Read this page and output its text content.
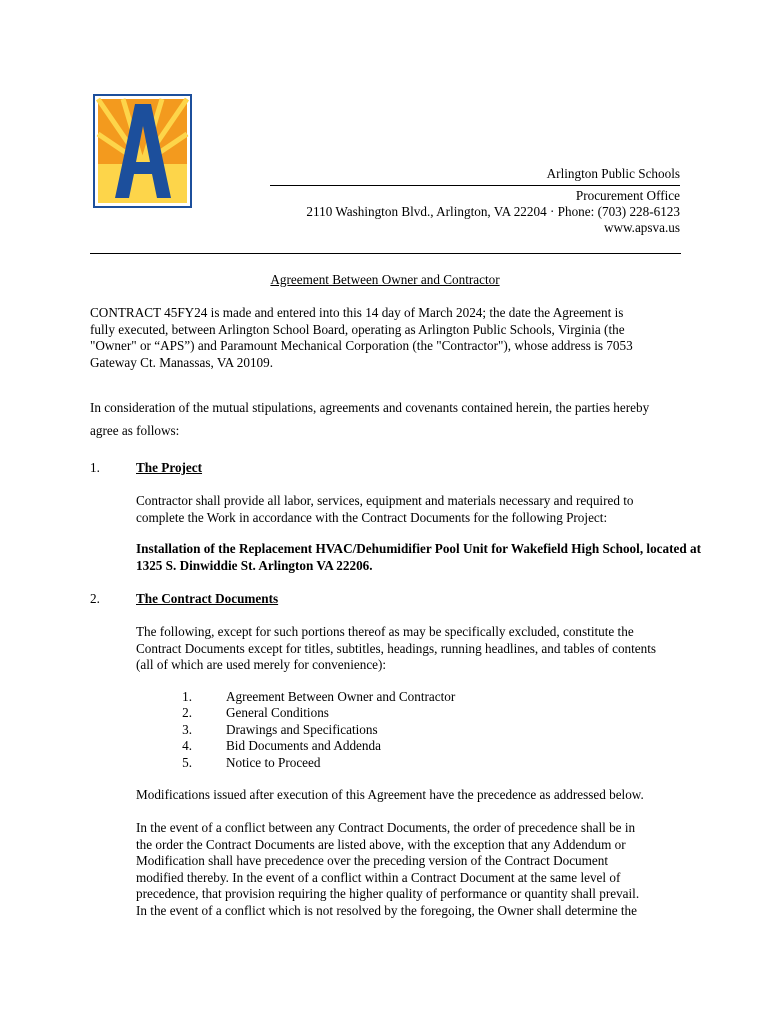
Arlington Public Schools
Procurement Office
2110 Washington Blvd., Arlington, VA 22204 · Phone: (703) 228-6123
www.apsva.us
Agreement Between Owner and Contractor
CONTRACT 45FY24 is made and entered into this 14 day of March 2024; the date the Agreement is
fully executed, between Arlington School Board, operating as Arlington Public Schools, Virginia (the
"Owner" or “APS”) and Paramount Mechanical Corporation (the "Contractor"), whose address is 7053
Gateway Ct. Manassas, VA 20109.
In consideration of the mutual stipulations, agreements and covenants contained herein, the parties hereby
agree as follows:
1.	The Project
Contractor shall provide all labor, services, equipment and materials necessary and required to
complete the Work in accordance with the Contract Documents for the following Project:
Installation of the Replacement HVAC/Dehumidifier Pool Unit for Wakefield High School, located at
1325 S. Dinwiddie St. Arlington VA 22206.
2.	The Contract Documents
The following, except for such portions thereof as may be specifically excluded, constitute the
Contract Documents except for titles, subtitles, headings, running headlines, and tables of contents
(all of which are used merely for convenience):
1.	Agreement Between Owner and Contractor
2.	General Conditions
3.	Drawings and Specifications
4.	Bid Documents and Addenda
5.	Notice to Proceed
Modifications issued after execution of this Agreement have the precedence as addressed below.
In the event of a conflict between any Contract Documents, the order of precedence shall be in
the order the Contract Documents are listed above, with the exception that any Addendum or
Modification shall have precedence over the preceding version of the Contract Document
modified thereby. In the event of a conflict within a Contract Document at the same level of
precedence, that provision requiring the higher quality of performance or quantity shall prevail.
In the event of a conflict which is not resolved by the foregoing, the Owner shall determine the
